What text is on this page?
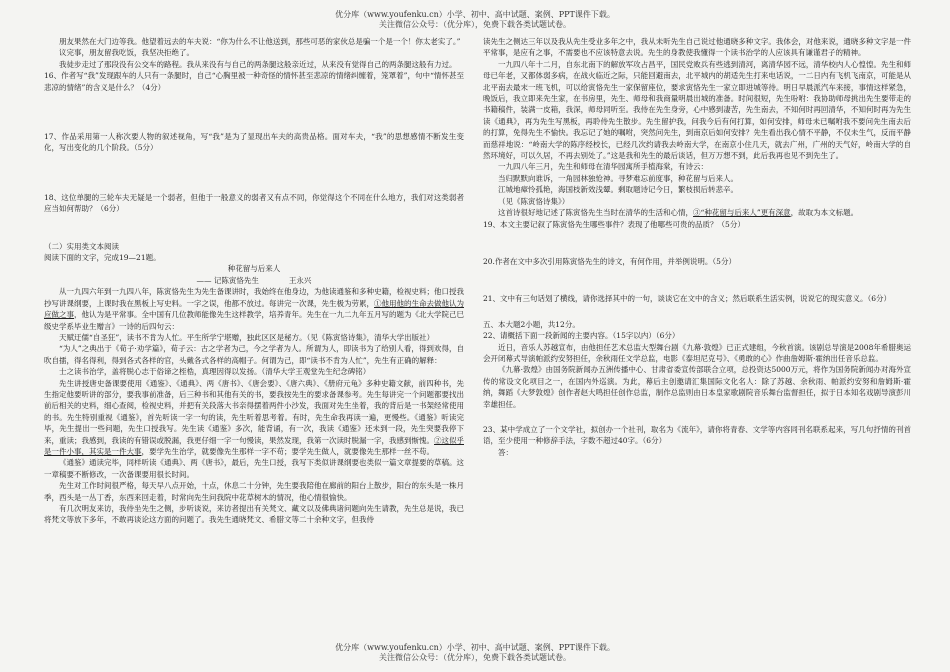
优分库（www.youfenku.cn）小学、初中、高中试题、案例、PPT课件下载。
关注微信公众号：（优分库），免费下载各类试题试卷。

朋友果然在大门边等我。他望着远去的车夫说：“你为什么不让他送到，那些可恶的家伙总是骗一个是一个！你太老实了。”

议完事，朋友留我吃饭，我坚决拒绝了。

我徒步走过了那段没有公交车的路程。我从来没有与自己的两条腿这般亲近过，从来没有觉得自己的两条腿这般有力过。

16、作者写“我”发现跟车的人只有一条腿时，自己“心胸里被一种奇怪的情怀甚至悲凉的情绪纠缠着，笼罩着”，句中“情怀甚至悲凉的情绪”的含义是什么？（4分）

17、作品采用第一人称次要人物的叙述视角，写“我”是为了显现出车夫的高贵品格。面对车夫，“我”的思想感情不断发生变化，写出变化的几个阶段。（5分）

18、这位单腿的三轮车夫无疑是一个弱者，但他于一般意义的弱者又有点不同，你觉得这个不同在什么地方，我们对这类弱者应当如何帮助？（6分）

（二）实用类文本阅读

阅读下面的文字，完成19—21题。

种花留与后来人

—— 记陈寅恪先生　　　　王永兴

从一九四六年到一九四八年，陈寅恪先生为先生备课讲时，我始终在他身边，为他读通鉴和多种史籍，检视史料；他口授我抄写讲课纲要，上课时我在黑板上写史料。一字之误，他都不放过。每讲完一次课，先生极为劳累，①他用他的生命去做他认为应做之事，他认为是平常事。全中国有几位教师能像先生这样教学，培养青年。先生在一九二九年五月写的题为《北大学院己巳级史学系毕业生赠言》一诗的后四句云：

天赋迂儒“自圣狂”，读书不肯为人忙。平生所学宁堪赠，独此区区是秘方。（见《陈寅恪诗集》，清华大学出版社）

“为人”之典出于《荀子·劝学篇》，荀子云：古之学者为己，今之学者为人。所谓为人，即读书为了给别人看，得到欢得，自吹自擂，得名得利，得到各式各样的官，头戴各式各样的高帽子。何谓为己，即“读书不肯为人忙”，先生有正确的解释：

士之读书治学，盖将脱心志于俗谛之桎梏，真理因得以发扬。（清华大学王观堂先生纪念碑铭）

先生讲授唐史备课要使用《通鉴》、《通典》、两《唐书》、《唐会要》、《唐六典》、《册府元龟》多种史籍文献，前四种书，先生指定他要听讲的部分，要我事前准备，后三种书和其他有关的书，要我按先生的要求备课参考。先生每讲完一个问题都要找出前后相关的史料，细心查阅，检视史料，并把有关段落大书亲得摆着两件小沙发，我面对先生坐着，我的背后是一书架经常使用的书。先生特别重视《通鉴》，首先听读一字一句的读，先生听着思考着。有时，先生命我再读一遍，更慢些。《通鉴》听读完毕，先生提出一些问题，先生口授我写。先生读《通鉴》多次，能背诵，有一次，我读《通鉴》还未到一段，先生突要我停下来，重读；我感到，我读的有错误或脱漏，我更仔细一字一句慢读，果然发现，我第一次读时脱漏一字，我感到惭愧。②这似乎是一件小事，其实是一件大事，要学先生治学，就要像先生那样一字不苟；要学先生做人，就要像先生那样一丝不苟。

《通鉴》通读完毕，同样听读《通典》、两《唐书》，最后，先生口授，我写下类似讲课纲要也类似一篇文章提要的草稿。这一章稿要不断修改，一次备课要用很长时间。

先生对工作时间很严格，每天早八点开始，十点，休息二十分钟，先生要我陪他在廊前的阳台上散步，阳台的东头是一株月季，西头是一丛丁香，东西来回走着，时常向先生问我院中花草树木的情况，他心情很愉快。

有几次明友来访，我侍坐先生之侧，步听谈说，来访者提出有关梵文、藏文以及佛典诸问题向先生请教，先生总是说，我已将梵文等放下多年，不敢再谈论这方面的问题了。我先生通晓梵文、希腊文等二十余种文字，但我侍

读先生之侧达三年以及我从先生受业多年之中，我从未听先生自己说过他通晓多种文字。我体会，对他来说，通晓多种文字是一件平常事，是应有之事，不需要也不应该特意去说。先生的身教使我懂得一个读书治学的人应该具有谦谨君子的精神。

一九四八年十二月，自东北南下的解放军攻占昌平，国民党败兵有些逃到清河，离清华园不远，清华校内人心惶惶。先生和师母已年老，又都体弱多病，在战火临近之际，只能回避南去，北平城内的胡适先生打来电话说，一二日内有飞机飞南京，可能是从北平南去最末一班飞机，可以给寅恪先生一家保留座位，要求寅恪先生一家立即进城等待。明日早晨派汽车来接，事情这样紧急，晚饭后，我立即来先生家，在书房里，先生、师母和我商量明晨出城的准备。时间很短，先生吩咐：我协助师母挑出先生要带走的书籍稿件，装满一皮箱，我深，师母同听至。我侍在先生身旁，心中感到凄苦，先生南去，不知何时再回清华，不知何时再为先生读《通典》，再为先生写黑板，再聆侍先生散步。先生留护我，问我今后有何打算，如何安排，师母未已嘱咐我不要问先生南去后的打算，免得先生不愉快。我忘记了她的嘱咐，突然问先生，到南京后如何安排？先生看出我心情不平静，不仅未生气，反而平静而慈祥地说：“岭南大学的陈序经校长，已经几次约请我去岭南大学，在南京小住几天，就去广州，广州的天气好，岭南大学的自然环境好，可以久居，不再去别处了。”这是我和先生的最后谈话，但万万想不到，此后我再也见不到先生了。

一九四八年三月，先生和师母在清华园寓所手植海棠，有诗云：

当归默默向谁诉，一角园林独怆神。寻梦难忘前度事，种花留与后来人。

江城地瘴怜孤艳，海国枝新效浅颦。剩取题诗记今日，繁枝损后转悲辛。

（见《陈寅恪诗集》）

这首诗很好地记述了陈寅恪先生当时在清华的生活和心情，③“种花留与后来人”更有深意，故取为本文标题。

19、本文主要记叙了陈寅恪先生哪些事件？表现了他哪些可贵的品质？（5分）

20.作者在文中多次引用陈寅恪先生的诗文，有何作用，并举例说明。（5分）

21、文中有三句话划了横线，请你选择其中的一句，谈谈它在文中的含义；然后联系生活实例，说说它的现实意义。（6分）

五、本大题2小题，共12分。

22、请概括下面一段新闻的主要内容。（15字以内）（6分）

近日，音乐人苏越宣布，由他担任艺术总监大型舞台剧《九幕·敦煌》已正式建组，今秋首演。该剧总导演是2008年希腊奥运会开闭幕式导演帕派约安努担任，余秋雨任文学总监，电影《泰坦尼克号》、《勇敢的心》作曲詹姆斯·霍纳出任音乐总监。

《九幕·敦煌》由国务院新闻办五洲传播中心、甘肃省委宣传部联合立项，总投资达5000万元，将作为国务院新闻办对海外宣传的常设文化项目之一，在国内外巡演。为此，幕后主创邀请汇集国际文化名人：除了苏越、余秋雨、帕派约安努和詹姆斯·霍纳，舞蹈《大梦敦煌》创作者赵大鸣担任创作总监，制作总监则由日本皇家歌剧院音乐舞台监督担任，拟于日本知名戏剧导演彭川幸雄担任。

23、某中学成立了一个文学社，拟创办一个社刊，取名为《流年》，请你将青春、文学等内容同刊名联系起来，写几句抒情的刊首语，至少使用一种修辞手法，字数不超过40字。（6分）

答：

优分库（www.youfenku.cn）小学、初中、高中试题、案例、PPT课件下载。
关注微信公众号：（优分库），免费下载各类试题试卷。
